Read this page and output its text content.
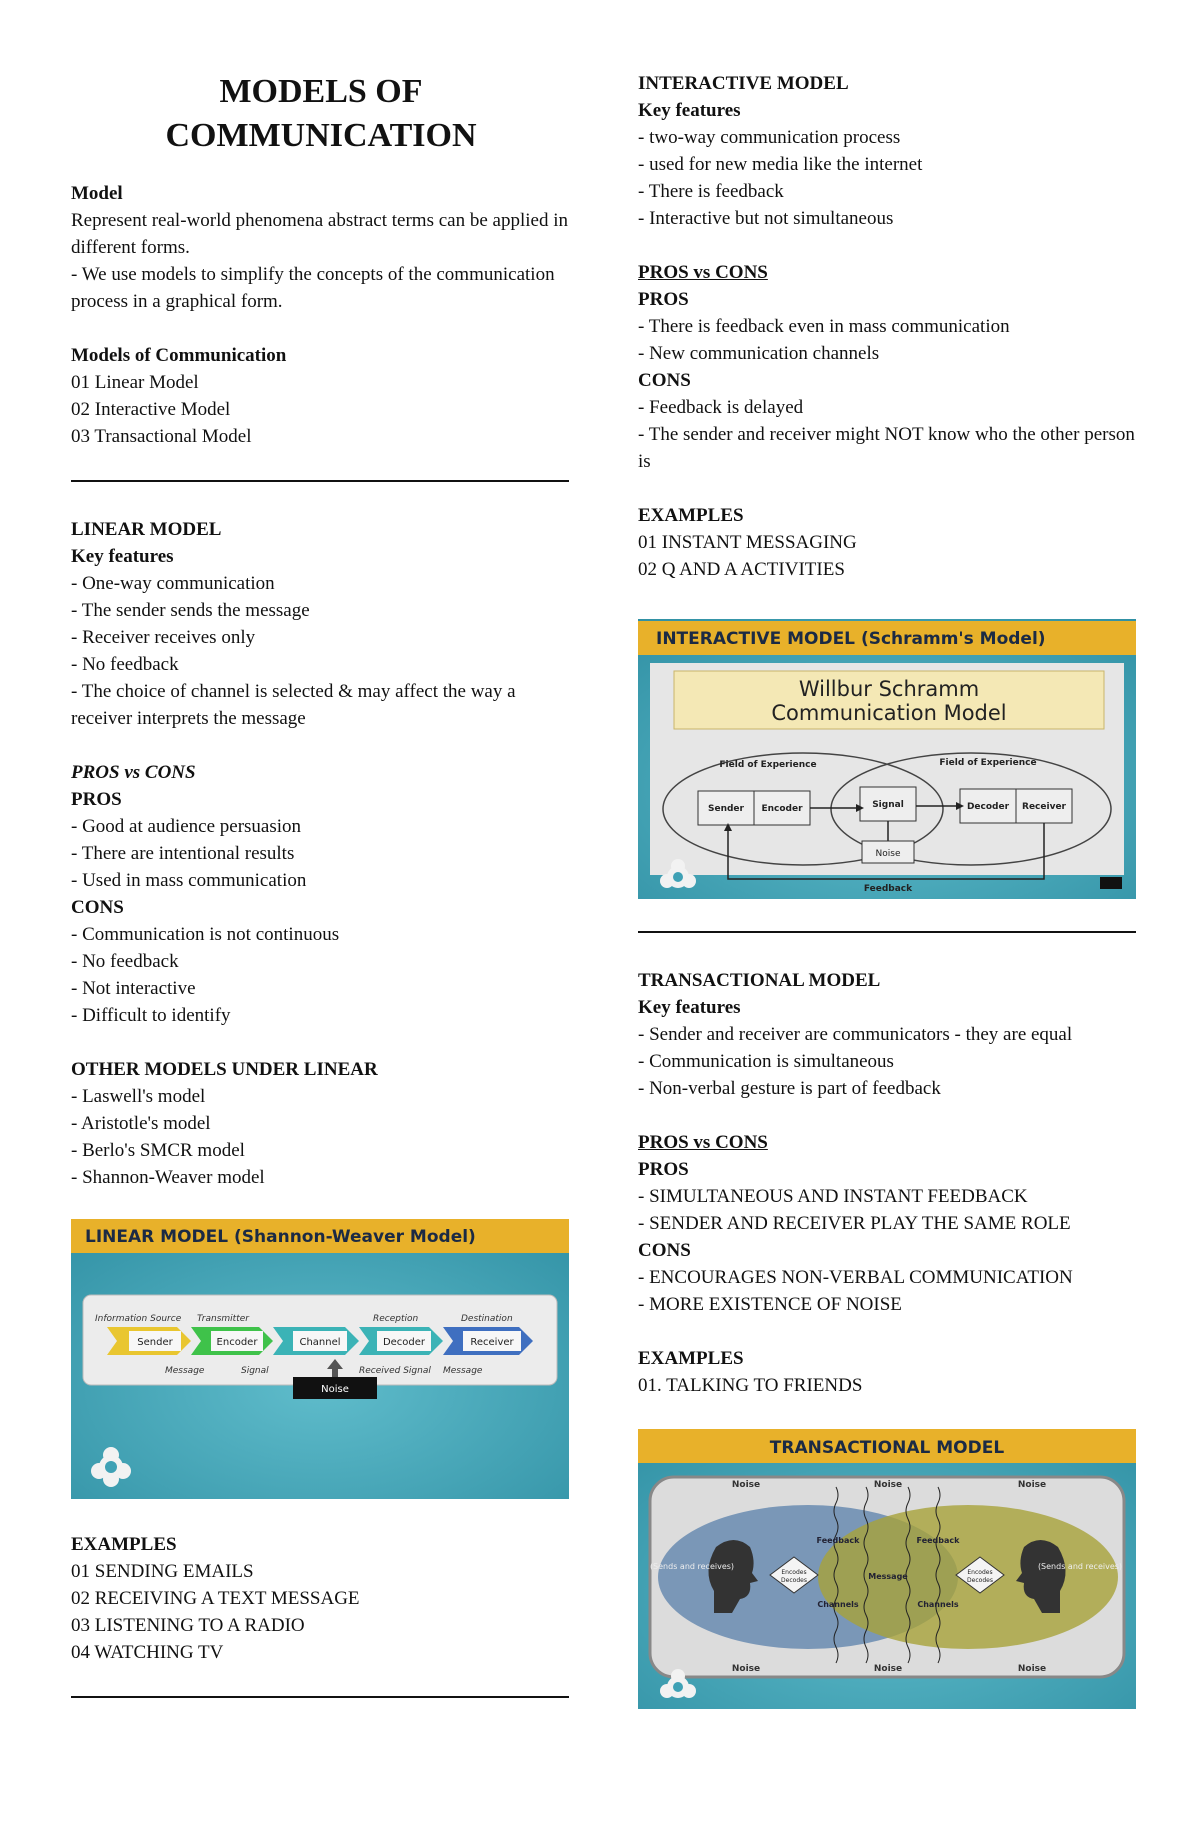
MODELS OF COMMUNICATION
Model
Represent real-world phenomena abstract terms can be applied in different forms.
- We use models to simplify the concepts of the communication process in a graphical form.
Models of Communication
01 Linear Model
02 Interactive Model
03 Transactional Model
LINEAR MODEL
Key features
- One-way communication
- The sender sends the message
- Receiver receives only
- No feedback
- The choice of channel is selected & may affect the way a receiver interprets the message
PROS vs CONS
PROS
- Good at audience persuasion
- There are intentional results
- Used in mass communication
CONS
- Communication is not continuous
- No feedback
- Not interactive
- Difficult to identify
OTHER MODELS UNDER LINEAR
- Laswell's model
- Aristotle's model
- Berlo's SMCR model
- Shannon-Weaver model
LINEAR MODEL (Shannon-Weaver Model)
Information Source Transmitter	Reception	Destination
Sender	Encoder	Channel	Decoder	Receiver
Message	Signal	Received Signal Message
Noise
EXAMPLES
01 SENDING EMAILS
02 RECEIVING A TEXT MESSAGE
03 LISTENING TO A RADIO
04 WATCHING TV
INTERACTIVE MODEL
Key features
- two-way communication process
- used for new media like the internet
- There is feedback
- Interactive but not simultaneous
PROS vs CONS
PROS
- There is feedback even in mass communication
- New communication channels
CONS
- Feedback is delayed
- The sender and receiver might NOT know who the other person is
EXAMPLES
01 INSTANT MESSAGING
02 Q AND A ACTIVITIES
INTERACTIVE MODEL (Schramm's Model)
Willbur Schramm
Communication Model
Field of Experience	Field of Experience
Sender Encoder	Signal	Decoder Receiver
Noise
Feedback
TRANSACTIONAL MODEL
Key features
- Sender and receiver are communicators - they are equal
- Communication is simultaneous
- Non-verbal gesture is part of feedback
PROS vs CONS
PROS
- SIMULTANEOUS AND INSTANT FEEDBACK
- SENDER AND RECEIVER PLAY THE SAME ROLE
CONS
- ENCOURAGES NON-VERBAL COMMUNICATION
- MORE EXISTENCE OF NOISE
EXAMPLES
01. TALKING TO FRIENDS
TRANSACTIONAL MODEL
Noise	Noise	Noise
Noise	Noise	Noise
(Sends and receives)	(Sends and receives)
Encodes
Decodes
Encodes
Decodes
Feedback	Feedback
Message
Channels	Channels
